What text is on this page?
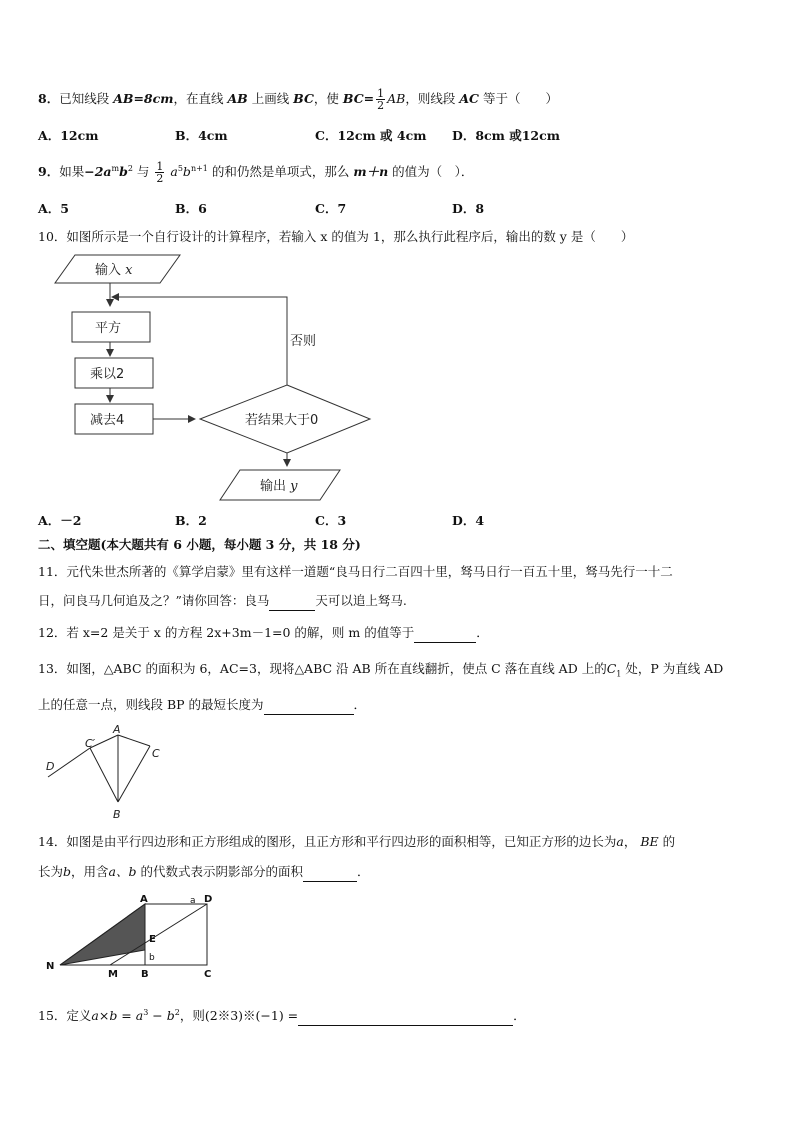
8．已知线段 AB=8cm，在直线 AB 上画线 BC，使 $BC= \frac{1}{2}$ AB，则线段 AC 等于（　　）
A．12cm	B．4cm	C．12cm 或 4cm D．8cm 或12cm
9．如果$-2a^mb^2$ 与 $\frac{1}{2} a^5b^{n+1}$ 的和仍然是单项式，那么 m＋n 的值为（　）．
A．5	B．6	C．7	D．8
10．如图所示是一个自行设计的计算程序，若输入 x 的值为 1，那么执行此程序后，输出的数 y 是（　　）
输入 x
否则
平方
乘以2
减去4	若结果大于0
输出 y
A．－2	B．2	C．3	D．4
二、填空题(本大题共有 6 小题，每小题 3 分，共 18 分)
11．元代朱世杰所著的《算学启蒙》里有这样一道题“良马日行二百四十里，驽马日行一百五十里，驽马先行一十二
日，问良马几何追及之？”请你回答：良马	天可以追上驽马.
12．若 x=2 是关于 x 的方程 2x+3m－1=0 的解，则 m 的值等于	．
13．如图，△ABC 的面积为 6，AC=3，现将△ABC 沿 AB 所在直线翻折，使点 C 落在直线 AD 上的$C_1$ 处，P 为直线 AD
上的任意一点，则线段 BP 的最短长度为	．
A
C′
C
D
B
14．如图是由平行四边形和正方形组成的图形，且正方形和平行四边形的面积相等，已知正方形的边长为a， BE 的
长为b，用含a、b 的代数式表示阴影部分的面积	．
A	D
a
E
b
N
M B	C
15．定义$a\times b = a^3 - b^2$，则(2※3)※(−1) =	．
